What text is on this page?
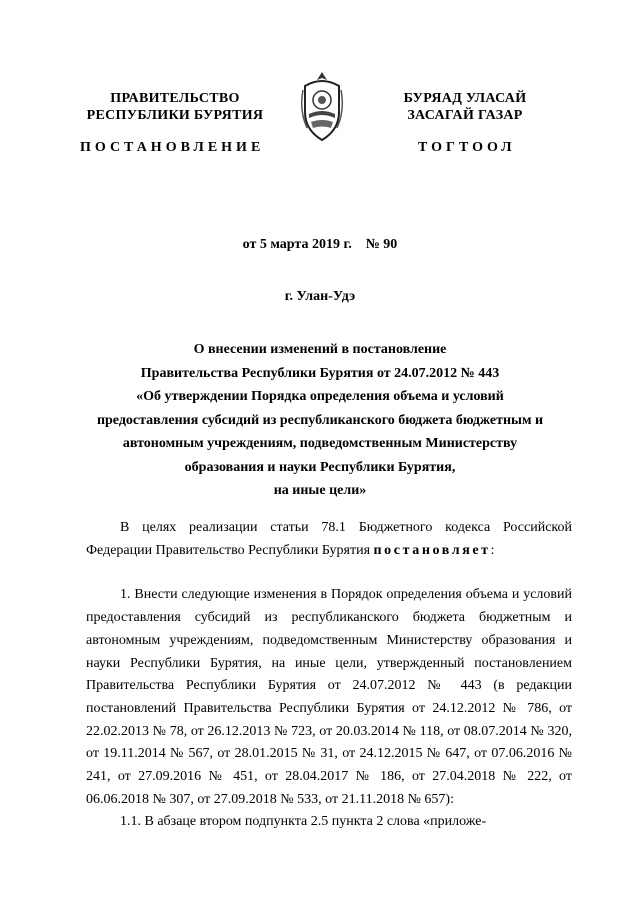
ПРАВИТЕЛЬСТВО
РЕСПУБЛИКИ БУРЯТИЯ
БУРЯАД УЛАСАЙ
ЗАСАГАЙ ГАЗАР
ПОСТАНОВЛЕНИЕ	ТОГТООЛ
от 5 марта 2019 г.    № 90
г. Улан-Удэ
О внесении изменений в постановление
Правительства Республики Бурятия от 24.07.2012 № 443
«Об утверждении Порядка определения объема и условий
предоставления субсидий из республиканского бюджета бюджетным и
автономным учреждениям, подведомственным Министерству
образования и науки Республики Бурятия,
на иные цели»

В целях реализации статьи 78.1 Бюджетного кодекса Российской Федерации Правительство Республики Бурятия постановляет:

1. Внести следующие изменения в Порядок определения объема и условий предоставления субсидий из республиканского бюджета бюджетным и автономным учреждениям, подведомственным Министерству образования и науки Республики Бурятия, на иные цели, утвержденный постановлением Правительства Республики Бурятия от 24.07.2012 № 443 (в редакции постановлений Правительства Республики Бурятия от 24.12.2012 № 786, от 22.02.2013 № 78, от 26.12.2013 № 723, от 20.03.2014 № 118, от 08.07.2014 № 320, от 19.11.2014 № 567, от 28.01.2015 № 31, от 24.12.2015 № 647, от 07.06.2016 № 241, от 27.09.2016 № 451, от 28.04.2017 № 186, от 27.04.2018 № 222, от 06.06.2018 № 307, от 27.09.2018 № 533, от 21.11.2018 № 657):

1.1. В абзаце втором подпункта 2.5 пункта 2 слова «приложе-
